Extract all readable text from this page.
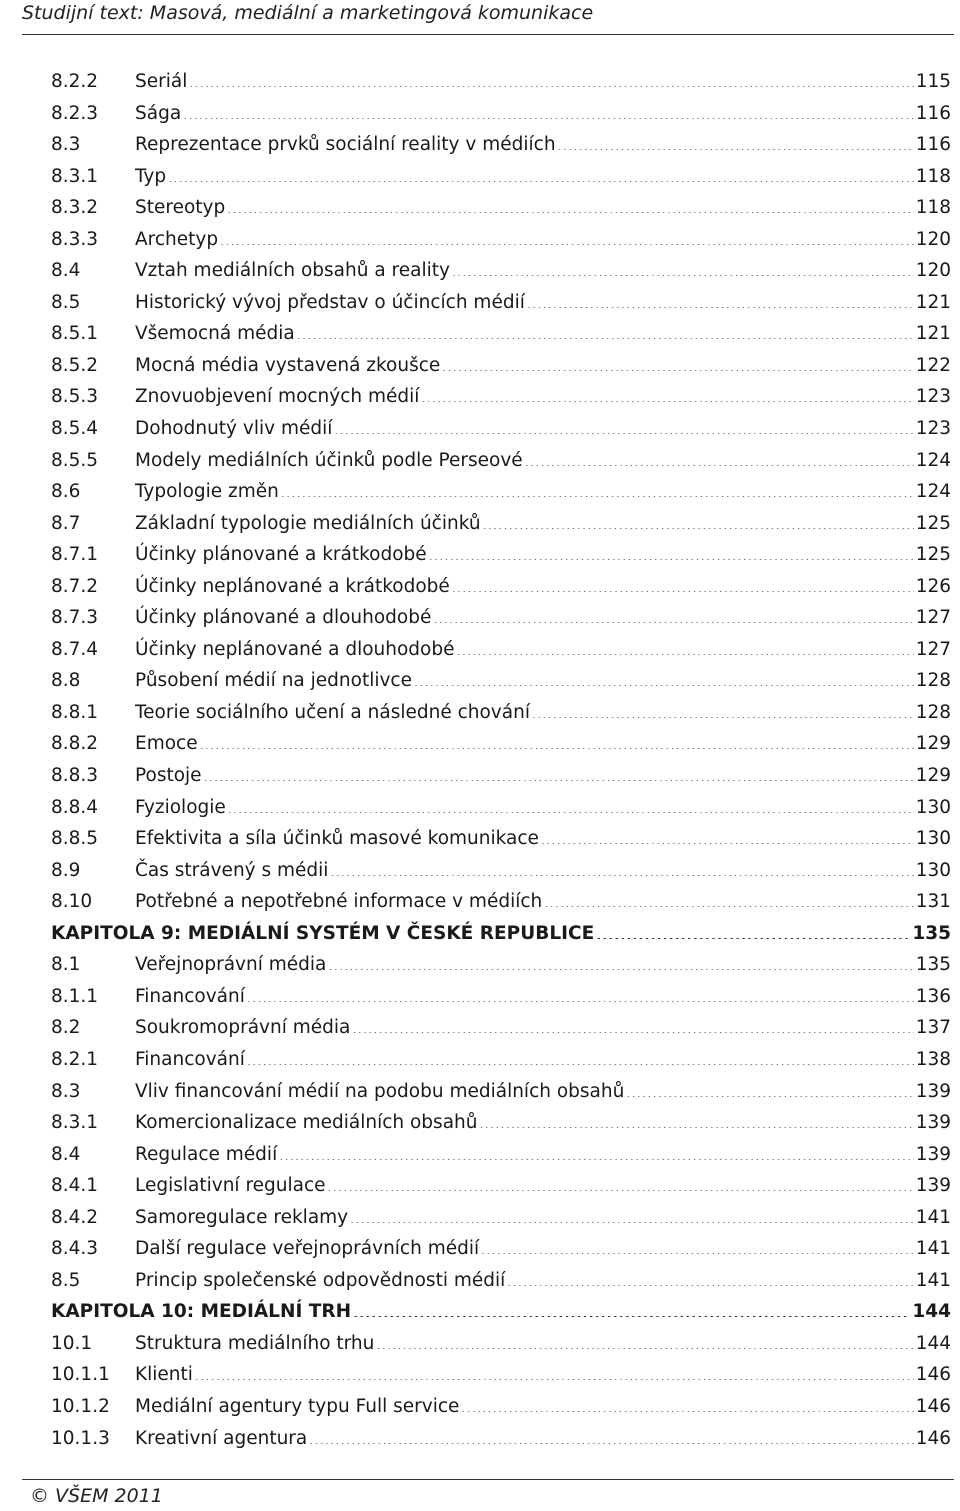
Studijní text: Masová, mediální a marketingová komunikace
8.2.2	Seriál .....	115
8.2.3	Sága .....	116
8.3	Reprezentace prvků sociální reality v médiích .....	116
8.3.1	Typ .....	118
8.3.2	Stereotyp .....	118
8.3.3	Archetyp .....	120
8.4	Vztah mediálních obsahů a reality .....	120
8.5	Historický vývoj představ o účincích médií .....	121
8.5.1	Všemocná média .....	121
8.5.2	Mocná média vystavená zkoušce .....	122
8.5.3	Znovuobjevení mocných médií .....	123
8.5.4	Dohodnutý vliv médií .....	123
8.5.5	Modely mediálních účinků podle Perseové .....	124
8.6	Typologie změn .....	124
8.7	Základní typologie mediálních účinků .....	125
8.7.1	Účinky plánované a krátkodobé .....	125
8.7.2	Účinky neplánované a krátkodobé .....	126
8.7.3	Účinky plánované a dlouhodobé .....	127
8.7.4	Účinky neplánované a dlouhodobé .....	127
8.8	Působení médií na jednotlivce .....	128
8.8.1	Teorie sociálního učení a následné chování .....	128
8.8.2	Emoce .....	129
8.8.3	Postoje .....	129
8.8.4	Fyziologie .....	130
8.8.5	Efektivita a síla účinků masové komunikace .....	130
8.9	Čas strávený s médii .....	130
8.10	Potřebné a nepotřebné informace v médiích .....	131
KAPITOLA 9: MEDIÁLNÍ SYSTÉM V ČESKÉ REPUBLICE .....	135
8.1	Veřejnoprávní média .....	135
8.1.1	Financování .....	136
8.2	Soukromoprávní média .....	137
8.2.1	Financování .....	138
8.3	Vliv financování médií na podobu mediálních obsahů .....	139
8.3.1	Komercionalizace mediálních obsahů .....	139
8.4	Regulace médií .....	139
8.4.1	Legislativní regulace .....	139
8.4.2	Samoregulace reklamy .....	141
8.4.3	Další regulace veřejnoprávních médií .....	141
8.5	Princip společenské odpovědnosti médií .....	141
KAPITOLA 10: MEDIÁLNÍ TRH .....	144
10.1	Struktura mediálního trhu .....	144
10.1.1	Klienti .....	146
10.1.2	Mediální agentury typu Full service .....	146
10.1.3	Kreativní agentura .....	146
© VŠEM 2011
